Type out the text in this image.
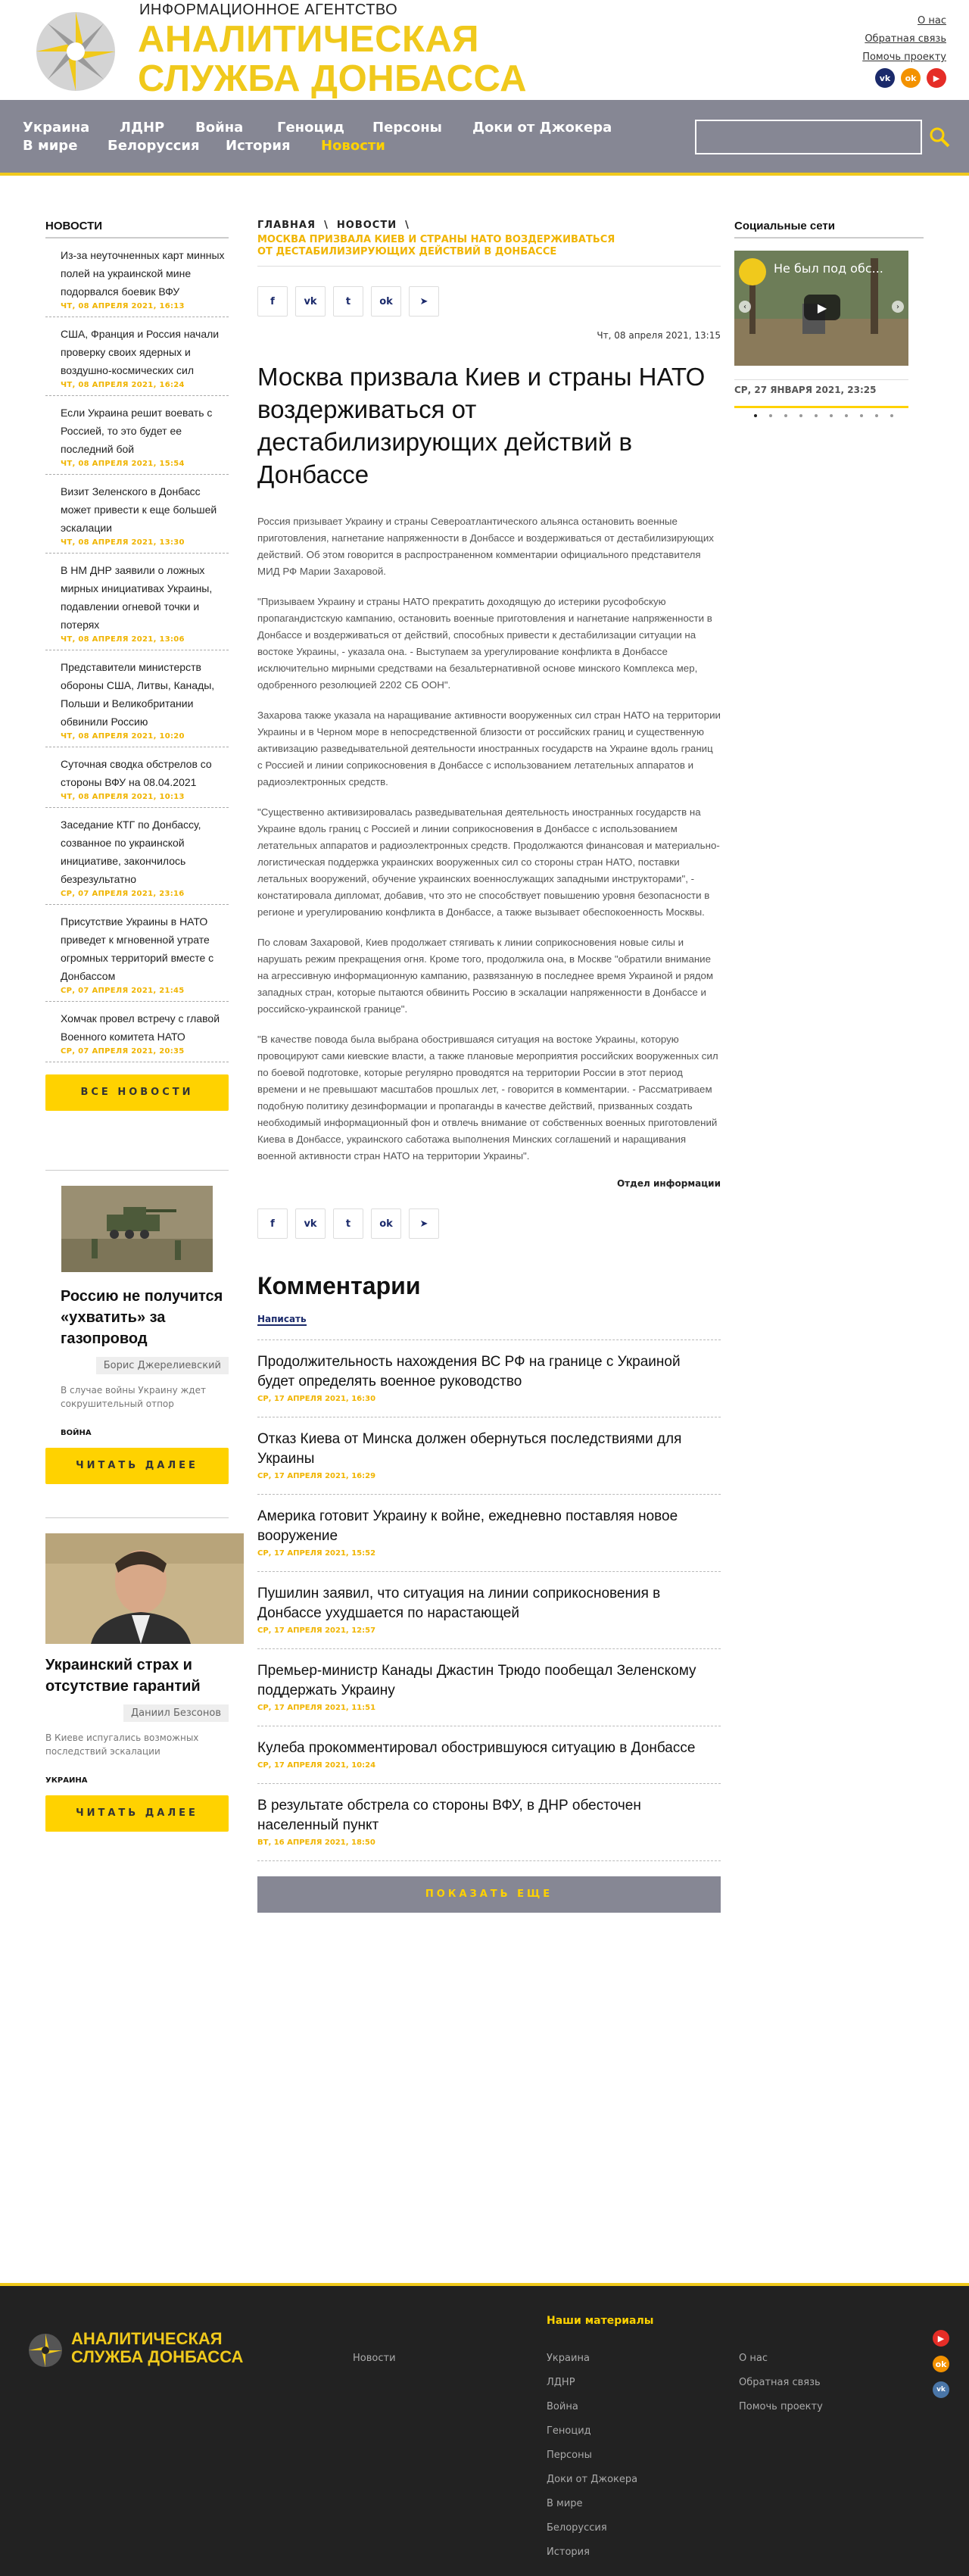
ИНФОРМАЦИОННОЕ АГЕНТСТВО
АНАЛИТИЧЕСКАЯ
СЛУЖБА ДОНБАССА
О нас
Обратная связь
Помочь проекту
vk	ok	▶
Украина ЛДНР Война Геноцид Персоны Доки от Джокера
В мире Белоруссия История Новости
НОВОСТИ
Из-за неуточненных карт минных полей на украинской мине подорвался боевик ВФУ
ЧТ, 08 АПРЕЛЯ 2021, 16:13
США, Франция и Россия начали проверку своих ядерных и воздушно-космических сил
ЧТ, 08 АПРЕЛЯ 2021, 16:24
Если Украина решит воевать с Россией, то это будет ее последний бой
ЧТ, 08 АПРЕЛЯ 2021, 15:54
Визит Зеленского в Донбасс может привести к еще большей эскалации
ЧТ, 08 АПРЕЛЯ 2021, 13:30
В НМ ДНР заявили о ложных мирных инициативах Украины, подавлении огневой точки и потерях
ЧТ, 08 АПРЕЛЯ 2021, 13:06
Представители министерств обороны США, Литвы, Канады, Польши и Великобритании обвинили Россию
ЧТ, 08 АПРЕЛЯ 2021, 10:20
Суточная сводка обстрелов со стороны ВФУ на 08.04.2021
ЧТ, 08 АПРЕЛЯ 2021, 10:13
Заседание КТГ по Донбассу, созванное по украинской инициативе, закончилось безрезультатно
СР, 07 АПРЕЛЯ 2021, 23:16
Присутствие Украины в НАТО приведет к мгновенной утрате огромных территорий вместе с Донбассом
СР, 07 АПРЕЛЯ 2021, 21:45
Хомчак провел встречу с главой Военного комитета НАТО
СР, 07 АПРЕЛЯ 2021, 20:35
ВСЕ НОВОСТИ
Россию не получится «ухватить» за газопровод
Борис Джерелиевский
В случае войны Украину ждет сокрушительный отпор
ВОЙНА
ЧИТАТЬ ДАЛЕЕ
Украинский страх и отсутствие гарантий
Даниил Безсонов
В Киеве испугались возможных последствий эскалации
УКРАИНА
ЧИТАТЬ ДАЛЕЕ
ГЛАВНАЯ \ НОВОСТИ \
МОСКВА ПРИЗВАЛА КИЕВ И СТРАНЫ НАТО ВОЗДЕРЖИВАТЬСЯ ОТ ДЕСТАБИЛИЗИРУЮЩИХ ДЕЙСТВИЙ В ДОНБАССЕ
f	vk	t	ok	➤
Чт, 08 апреля 2021, 13:15
Москва призвала Киев и страны НАТО воздерживаться от дестабилизирующих действий в Донбассе

Россия призывает Украину и страны Североатлантического альянса остановить военные приготовления, нагнетание напряженности в Донбассе и воздерживаться от дестабилизирующих действий. Об этом говорится в распространенном комментарии официального представителя МИД РФ Марии Захаровой.

"Призываем Украину и страны НАТО прекратить доходящую до истерики русофобскую пропагандистскую кампанию, остановить военные приготовления и нагнетание напряженности в Донбассе и воздерживаться от действий, способных привести к дестабилизации ситуации на востоке Украины, - указала она. - Выступаем за урегулирование конфликта в Донбассе исключительно мирными средствами на безальтернативной основе минского Комплекса мер, одобренного резолюцией 2202 СБ ООН".

Захарова также указала на наращивание активности вооруженных сил стран НАТО на территории Украины и в Черном море в непосредственной близости от российских границ и существенную активизацию разведывательной деятельности иностранных государств на Украине вдоль границ с Россией и линии соприкосновения в Донбассе с использованием летательных аппаратов и радиоэлектронных средств.

"Существенно активизировалась разведывательная деятельность иностранных государств на Украине вдоль границ с Россией и линии соприкосновения в Донбассе с использованием летательных аппаратов и радиоэлектронных средств. Продолжаются финансовая и материально-логистическая поддержка украинских вооруженных сил со стороны стран НАТО, поставки летальных вооружений, обучение украинских военнослужащих западными инструкторами", - констатировала дипломат, добавив, что это не способствует повышению уровня безопасности в регионе и урегулированию конфликта в Донбассе, а также вызывает обеспокоенность Москвы.

По словам Захаровой, Киев продолжает стягивать к линии соприкосновения новые силы и нарушать режим прекращения огня. Кроме того, продолжила она, в Москве "обратили внимание на агрессивную информационную кампанию, развязанную в последнее время Украиной и рядом западных стран, которые пытаются обвинить Россию в эскалации напряженности в Донбассе и российско-украинской границе".

"В качестве повода была выбрана обострившаяся ситуация на востоке Украины, которую провоцируют сами киевские власти, а также плановые мероприятия российских вооруженных сил по боевой подготовке, которые регулярно проводятся на территории России в этот период времени и не превышают масштабов прошлых лет, - говорится в комментарии. - Рассматриваем подобную политику дезинформации и пропаганды в качестве действий, призванных создать необходимый информационный фон и отвлечь внимание от собственных военных приготовлений Киева в Донбассе, украинского саботажа выполнения Минских соглашений и наращивания военной активности стран НАТО на территории Украины".

Отдел информации
f	vk	t	ok	➤
Комментарии
Написать
Продолжительность нахождения ВС РФ на границе с Украиной будет определять военное руководство
СР, 17 АПРЕЛЯ 2021, 16:30
Отказ Киева от Минска должен обернуться последствиями для Украины
СР, 17 АПРЕЛЯ 2021, 16:29
Америка готовит Украину к войне, ежедневно поставляя новое вооружение
СР, 17 АПРЕЛЯ 2021, 15:52
Пушилин заявил, что ситуация на линии соприкосновения в Донбассе ухудшается по нарастающей
СР, 17 АПРЕЛЯ 2021, 12:57
Премьер-министр Канады Джастин Трюдо пообещал Зеленскому поддержать Украину
СР, 17 АПРЕЛЯ 2021, 11:51
Кулеба прокомментировал обострившуюся ситуацию в Донбассе
СР, 17 АПРЕЛЯ 2021, 10:24
В результате обстрела со стороны ВФУ, в ДНР обесточен населенный пункт
ВТ, 16 АПРЕЛЯ 2021, 18:50
ПОКАЗАТЬ ЕЩЕ
Социальные сети
Не был под обс...
▶
‹	›
СР, 27 ЯНВАРЯ 2021, 23:25
АНАЛИТИЧЕСКАЯ
СЛУЖБА ДОНБАССА	Новости
Наши материалы
Украина
ЛДНР
Война
Геноцид
Персоны
Доки от Джокера
В мире
Белоруссия
История
О нас
Обратная связь
Помочь проекту
▶
ok
vk
